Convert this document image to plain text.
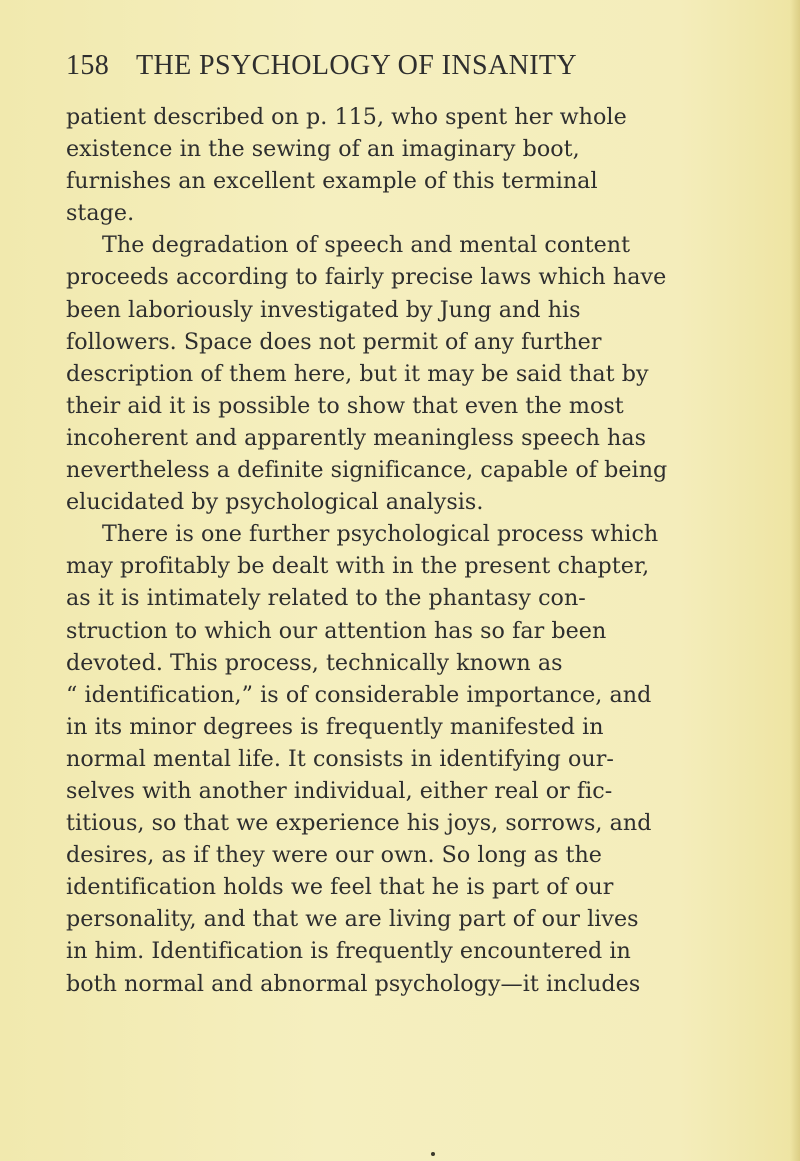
158 THE PSYCHOLOGY OF INSANITY
patient described on p. 115, who spent her whole
existence in the sewing of an imaginary boot,
furnishes an excellent example of this terminal
stage.
The degradation of speech and mental content
proceeds according to fairly precise laws which have
been laboriously investigated by Jung and his
followers. Space does not permit of any further
description of them here, but it may be said that by
their aid it is possible to show that even the most
incoherent and apparently meaningless speech has
nevertheless a definite significance, capable of being
elucidated by psychological analysis.
There is one further psychological process which
may profitably be dealt with in the present chapter,
as it is intimately related to the phantasy con-
struction to which our attention has so far been
devoted. This process, technically known as
“ identification,” is of considerable importance, and
in its minor degrees is frequently manifested in
normal mental life. It consists in identifying our-
selves with another individual, either real or fic-
titious, so that we experience his joys, sorrows, and
desires, as if they were our own. So long as the
identification holds we feel that he is part of our
personality, and that we are living part of our lives
in him. Identification is frequently encountered in
both normal and abnormal psychology—it includes
